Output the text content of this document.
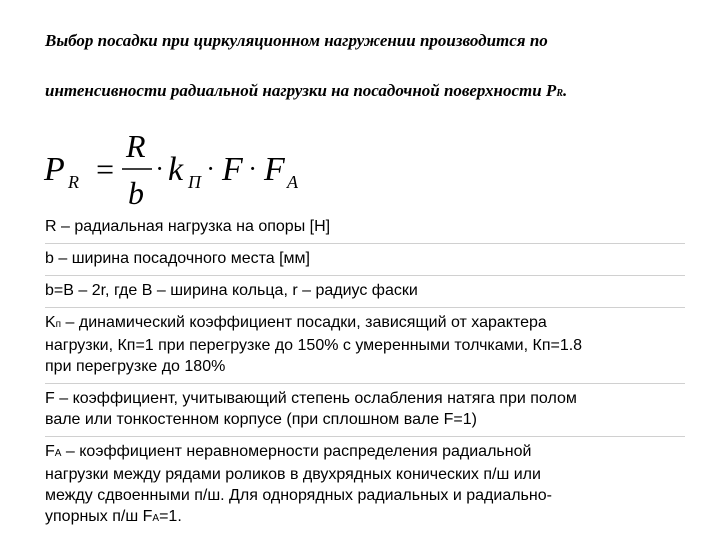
Выбор посадки при циркуляционном нагружении производится по

интенсивности радиальной нагрузки на посадочной поверхности PR.

P R =
R
b
· k П · F · F A

R – радиальная нагрузка на опоры [Н]

b – ширина посадочного места [мм]

b=B – 2r, где B – ширина кольца, r – радиус фаски

Kп – динамический коэффициент посадки, зависящий от характера

нагрузки, Кп=1 при перегрузке до 150% с умеренными толчками, Кп=1.8

при перегрузке до 180%

F – коэффициент, учитывающий степень ослабления натяга при полом

вале или тонкостенном корпусе (при сплошном вале F=1)

FA – коэффициент неравномерности распределения радиальной

нагрузки между рядами роликов в двухрядных конических п/ш или

между сдвоенными п/ш. Для однорядных радиальных и радиально-

упорных п/ш FA=1.
